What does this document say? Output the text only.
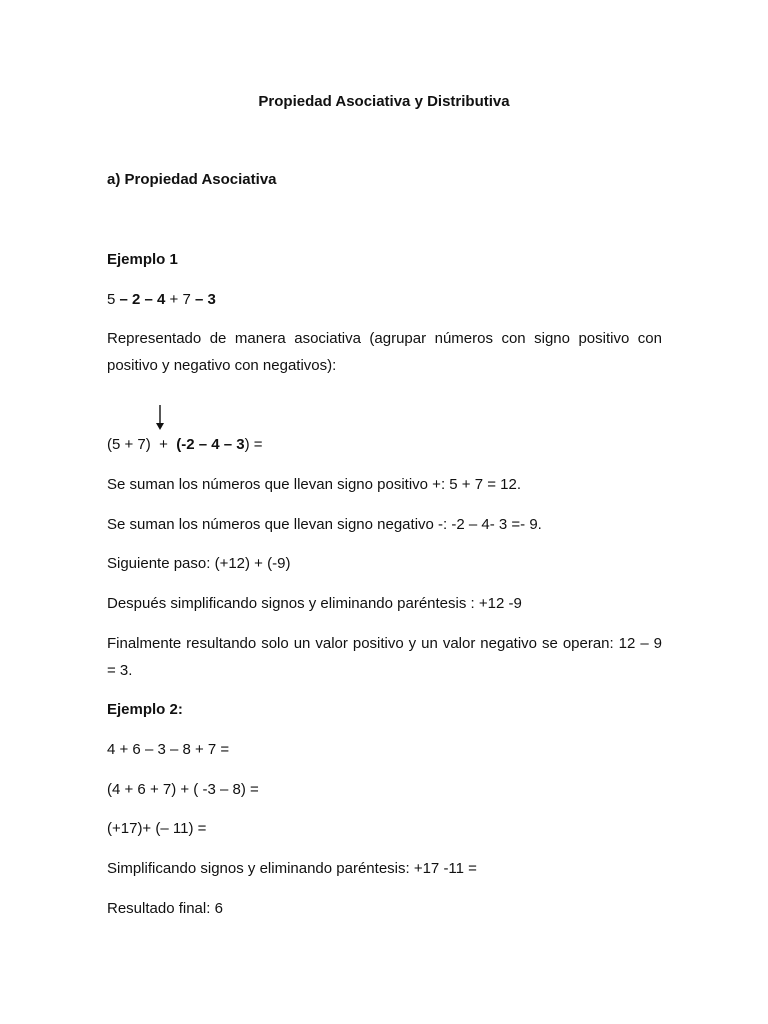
Propiedad Asociativa y Distributiva
a) Propiedad Asociativa
Ejemplo 1
5 – 2 – 4 + 7 – 3
Representado de manera asociativa (agrupar números con signo positivo con positivo y negativo con negativos):
(5 + 7)  +  (-2 – 4 – 3) =
Se suman los números que llevan signo positivo +: 5 + 7 = 12.
Se suman los números que llevan signo negativo -: -2 – 4- 3 =- 9.
Siguiente paso: (+12) + (-9)
Después simplificando signos y eliminando paréntesis : +12 -9
Finalmente resultando solo un valor positivo y un valor negativo se operan: 12 – 9 = 3.
Ejemplo 2:
4 + 6 – 3 – 8 + 7 =
(4 + 6 + 7) + ( -3 – 8) =
(+17)+ (– 11) =
Simplificando signos y eliminando paréntesis: +17 -11 =
Resultado final: 6
